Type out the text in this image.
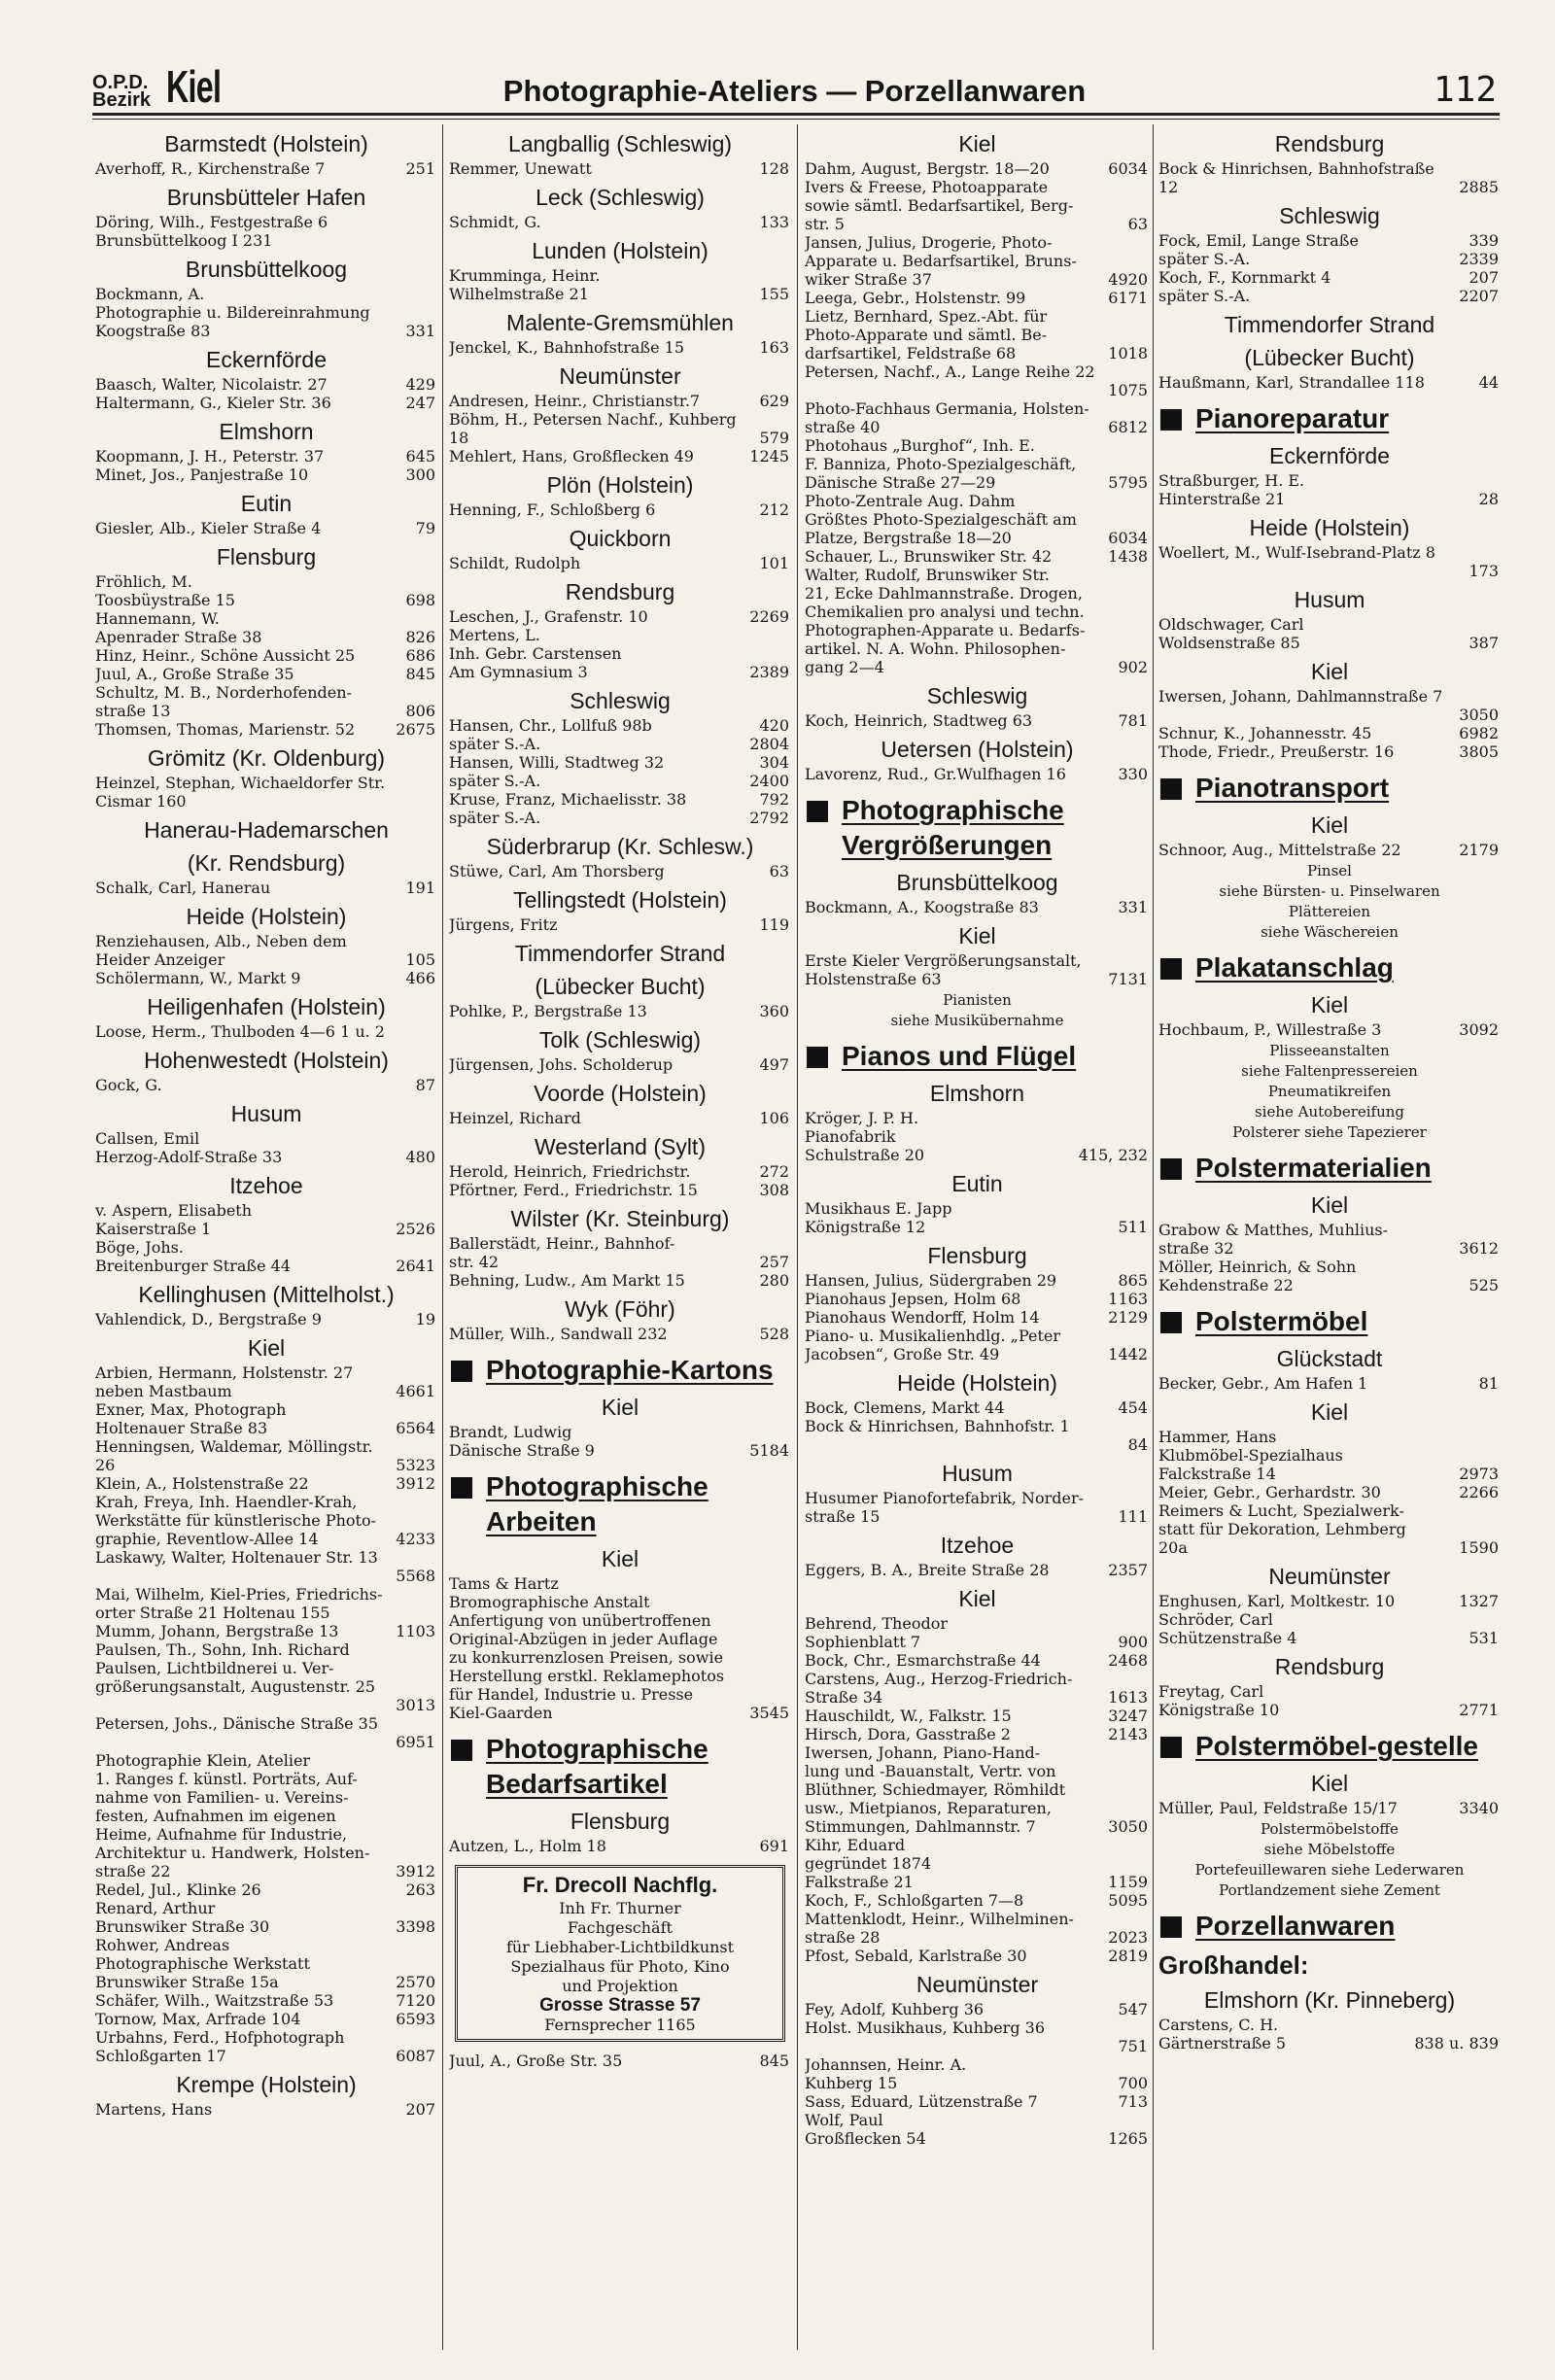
O.P.D.
Bezirk Kiel	Photographie-Ateliers — Porzellanwaren	112
Barmstedt (Holstein)
251
Averhoff, R., Kirchenstraße 7
Brunsbütteler Hafen
Döring, Wilh., Festgestraße 6
Brunsbüttelkoog I 231
Brunsbüttelkoog
Bockmann, A.
Photographie u. Bildereinrahmung
331
Koogstraße 83
Eckernförde
429
Baasch, Walter, Nicolaistr. 27
247
Haltermann, G., Kieler Str. 36
Elmshorn
645
Koopmann, J. H., Peterstr. 37
300
Minet, Jos., Panjestraße 10
Eutin
79
Giesler, Alb., Kieler Straße 4
Flensburg
Fröhlich, M.
698
Toosbüystraße 15
Hannemann, W.
826
Apenrader Straße 38
686
Hinz, Heinr., Schöne Aussicht 25
845
Juul, A., Große Straße 35
Schultz, M. B., Norderhofenden-
806
straße 13
2675
Thomsen, Thomas, Marienstr. 52
Grömitz (Kr. Oldenburg)
Heinzel, Stephan, Wichaeldorfer Str.
Cismar 160
Hanerau-Hademarschen
(Kr. Rendsburg)
191
Schalk, Carl, Hanerau
Heide (Holstein)
Renziehausen, Alb., Neben dem
105
Heider Anzeiger
466
Schölermann, W., Markt 9
Heiligenhafen (Holstein)
Loose, Herm., Thulboden 4—6 1 u. 2
Hohenwestedt (Holstein)
87
Gock, G.
Husum
Callsen, Emil
480
Herzog-Adolf-Straße 33
Itzehoe
v. Aspern, Elisabeth
2526
Kaiserstraße 1
Böge, Johs.
2641
Breitenburger Straße 44
Kellinghusen (Mittelholst.)
19
Vahlendick, D., Bergstraße 9
Kiel
Arbien, Hermann, Holstenstr. 27
4661
neben Mastbaum
Exner, Max, Photograph
6564
Holtenauer Straße 83
Henningsen, Waldemar, Möllingstr.
5323
26
3912
Klein, A., Holstenstraße 22
Krah, Freya, Inh. Haendler-Krah,
Werkstätte für künstlerische Photo-
4233
graphie, Reventlow-Allee 14
Laskawy, Walter, Holtenauer Str. 13
5568

Mai, Wilhelm, Kiel-Pries, Friedrichs-
orter Straße 21 Holtenau 155
1103
Mumm, Johann, Bergstraße 13
Paulsen, Th., Sohn, Inh. Richard
Paulsen, Lichtbildnerei u. Ver-
größerungsanstalt, Augustenstr. 25
3013

Petersen, Johs., Dänische Straße 35
6951

Photographie Klein, Atelier
1. Ranges f. künstl. Porträts, Auf-
nahme von Familien- u. Vereins-
festen, Aufnahmen im eigenen
Heime, Aufnahme für Industrie,
Architektur u. Handwerk, Holsten-
3912
straße 22
263
Redel, Jul., Klinke 26
Renard, Arthur
3398
Brunswiker Straße 30
Rohwer, Andreas
Photographische Werkstatt
2570
Brunswiker Straße 15a
7120
Schäfer, Wilh., Waitzstraße 53
6593
Tornow, Max, Arfrade 104
Urbahns, Ferd., Hofphotograph
6087
Schloßgarten 17
Krempe (Holstein)
207
Martens, Hans
Langballig (Schleswig)
128
Remmer, Unewatt
Leck (Schleswig)
133
Schmidt, G.
Lunden (Holstein)
Krumminga, Heinr.
155
Wilhelmstraße 21
Malente-Gremsmühlen
163
Jenckel, K., Bahnhofstraße 15
Neumünster
629
Andresen, Heinr., Christianstr.7
Böhm, H., Petersen Nachf., Kuhberg
579
18
1245
Mehlert, Hans, Großflecken 49
Plön (Holstein)
212
Henning, F., Schloßberg 6
Quickborn
101
Schildt, Rudolph
Rendsburg
2269
Leschen, J., Grafenstr. 10
Mertens, L.
Inh. Gebr. Carstensen
2389
Am Gymnasium 3
Schleswig
420
Hansen, Chr., Lollfuß 98b
2804
später S.-A.
304
Hansen, Willi, Stadtweg 32
2400
später S.-A.
792
Kruse, Franz, Michaelisstr. 38
2792
später S.-A.
Süderbrarup (Kr. Schlesw.)
63
Stüwe, Carl, Am Thorsberg
Tellingstedt (Holstein)
119
Jürgens, Fritz
Timmendorfer Strand
(Lübecker Bucht)
360
Pohlke, P., Bergstraße 13
Tolk (Schleswig)
497
Jürgensen, Johs. Scholderup
Voorde (Holstein)
106
Heinzel, Richard
Westerland (Sylt)
272
Herold, Heinrich, Friedrichstr.
308
Pförtner, Ferd., Friedrichstr. 15
Wilster (Kr. Steinburg)
Ballerstädt, Heinr., Bahnhof-
257
str. 42
280
Behning, Ludw., Am Markt 15
Wyk (Föhr)
528
Müller, Wilh., Sandwall 232
Photographie-Kartons
Kiel
Brandt, Ludwig
5184
Dänische Straße 9
Photographische Arbeiten
Kiel
Tams & Hartz
Bromographische Anstalt
Anfertigung von unübertroffenen
Original-Abzügen in jeder Auflage
zu konkurrenzlosen Preisen, sowie
Herstellung erstkl. Reklamephotos
für Handel, Industrie u. Presse
3545
Kiel-Gaarden
Photographische Bedarfsartikel
Flensburg
691
Autzen, L., Holm 18
Fr. Drecoll Nachflg.
Inh Fr. Thurner
Fachgeschäft
für Liebhaber-Lichtbildkunst
Spezialhaus für Photo, Kino
und Projektion
Grosse Strasse 57
Fernsprecher 1165
845
Juul, A., Große Str. 35
Kiel
6034
Dahm, August, Bergstr. 18—20
Ivers & Freese, Photoapparate
sowie sämtl. Bedarfsartikel, Berg-
63
str. 5
Jansen, Julius, Drogerie, Photo-
Apparate u. Bedarfsartikel, Bruns-
4920
wiker Straße 37
6171
Leega, Gebr., Holstenstr. 99
Lietz, Bernhard, Spez.-Abt. für
Photo-Apparate und sämtl. Be-
1018
darfsartikel, Feldstraße 68
Petersen, Nachf., A., Lange Reihe 22
1075

Photo-Fachhaus Germania, Holsten-
6812
straße 40
Photohaus „Burghof“, Inh. E.
F. Banniza, Photo-Spezialgeschäft,
5795
Dänische Straße 27—29
Photo-Zentrale Aug. Dahm
Größtes Photo-Spezialgeschäft am
6034
Platze, Bergstraße 18—20
1438
Schauer, L., Brunswiker Str. 42
Walter, Rudolf, Brunswiker Str.
21, Ecke Dahlmannstraße. Drogen,
Chemikalien pro analysi und techn.
Photographen-Apparate u. Bedarfs-
artikel. N. A. Wohn. Philosophen-
902
gang 2—4
Schleswig
781
Koch, Heinrich, Stadtweg 63
Uetersen (Holstein)
330
Lavorenz, Rud., Gr.Wulfhagen 16
Photographische Vergrößerungen
Brunsbüttelkoog
331
Bockmann, A., Koogstraße 83
Kiel
Erste Kieler Vergrößerungsanstalt,
7131
Holstenstraße 63
Pianisten
siehe Musikübernahme
Pianos und Flügel
Elmshorn
Kröger, J. P. H.
Pianofabrik
415, 232
Schulstraße 20
Eutin
Musikhaus E. Japp
511
Königstraße 12
Flensburg
865
Hansen, Julius, Südergraben 29
1163
Pianohaus Jepsen, Holm 68
2129
Pianohaus Wendorff, Holm 14
Piano- u. Musikalienhdlg. „Peter
1442
Jacobsen“, Große Str. 49
Heide (Holstein)
454
Bock, Clemens, Markt 44
Bock & Hinrichsen, Bahnhofstr. 1
84

Husum
Husumer Pianofortefabrik, Norder-
111
straße 15
Itzehoe
2357
Eggers, B. A., Breite Straße 28
Kiel
Behrend, Theodor
900
Sophienblatt 7
2468
Bock, Chr., Esmarchstraße 44
Carstens, Aug., Herzog-Friedrich-
1613
Straße 34
3247
Hauschildt, W., Falkstr. 15
2143
Hirsch, Dora, Gasstraße 2
Iwersen, Johann, Piano-Hand-
lung und -Bauanstalt, Vertr. von
Blüthner, Schiedmayer, Römhildt
usw., Mietpianos, Reparaturen,
3050
Stimmungen, Dahlmannstr. 7
Kihr, Eduard
gegründet 1874
1159
Falkstraße 21
5095
Koch, F., Schloßgarten 7—8
Mattenklodt, Heinr., Wilhelminen-
2023
straße 28
2819
Pfost, Sebald, Karlstraße 30
Neumünster
547
Fey, Adolf, Kuhberg 36
Holst. Musikhaus, Kuhberg 36
751

Johannsen, Heinr. A.
700
Kuhberg 15
713
Sass, Eduard, Lützenstraße 7
Wolf, Paul
1265
Großflecken 54
Rendsburg
Bock & Hinrichsen, Bahnhofstraße
2885
12
Schleswig
339
Fock, Emil, Lange Straße
2339
später S.-A.
207
Koch, F., Kornmarkt 4
2207
später S.-A.
Timmendorfer Strand
(Lübecker Bucht)
44
Haußmann, Karl, Strandallee 118
Pianoreparatur
Eckernförde
Straßburger, H. E.
28
Hinterstraße 21
Heide (Holstein)
Woellert, M., Wulf-Isebrand-Platz 8
173

Husum
Oldschwager, Carl
387
Woldsenstraße 85
Kiel
Iwersen, Johann, Dahlmannstraße 7
3050

6982
Schnur, K., Johannesstr. 45
3805
Thode, Friedr., Preußerstr. 16
Pianotransport
Kiel
2179
Schnoor, Aug., Mittelstraße 22
Pinsel
siehe Bürsten- u. Pinselwaren
Plättereien
siehe Wäschereien
Plakatanschlag
Kiel
3092
Hochbaum, P., Willestraße 3
Plisseeanstalten
siehe Faltenpressereien
Pneumatikreifen
siehe Autobereifung
Polsterer siehe Tapezierer
Polstermaterialien
Kiel
Grabow & Matthes, Muhlius-
3612
straße 32
Möller, Heinrich, & Sohn
525
Kehdenstraße 22
Polstermöbel
Glückstadt
81
Becker, Gebr., Am Hafen 1
Kiel
Hammer, Hans
Klubmöbel-Spezialhaus
2973
Falckstraße 14
2266
Meier, Gebr., Gerhardstr. 30
Reimers & Lucht, Spezialwerk-
statt für Dekoration, Lehmberg
1590
20a
Neumünster
1327
Enghusen, Karl, Moltkestr. 10
Schröder, Carl
531
Schützenstraße 4
Rendsburg
Freytag, Carl
2771
Königstraße 10
Polstermöbel-gestelle
Kiel
3340
Müller, Paul, Feldstraße 15/17
Polstermöbelstoffe
siehe Möbelstoffe
Portefeuillewaren siehe Lederwaren
Portlandzement siehe Zement
Porzellanwaren
Großhandel:
Elmshorn (Kr. Pinneberg)
Carstens, C. H.
838 u. 839
Gärtnerstraße 5
